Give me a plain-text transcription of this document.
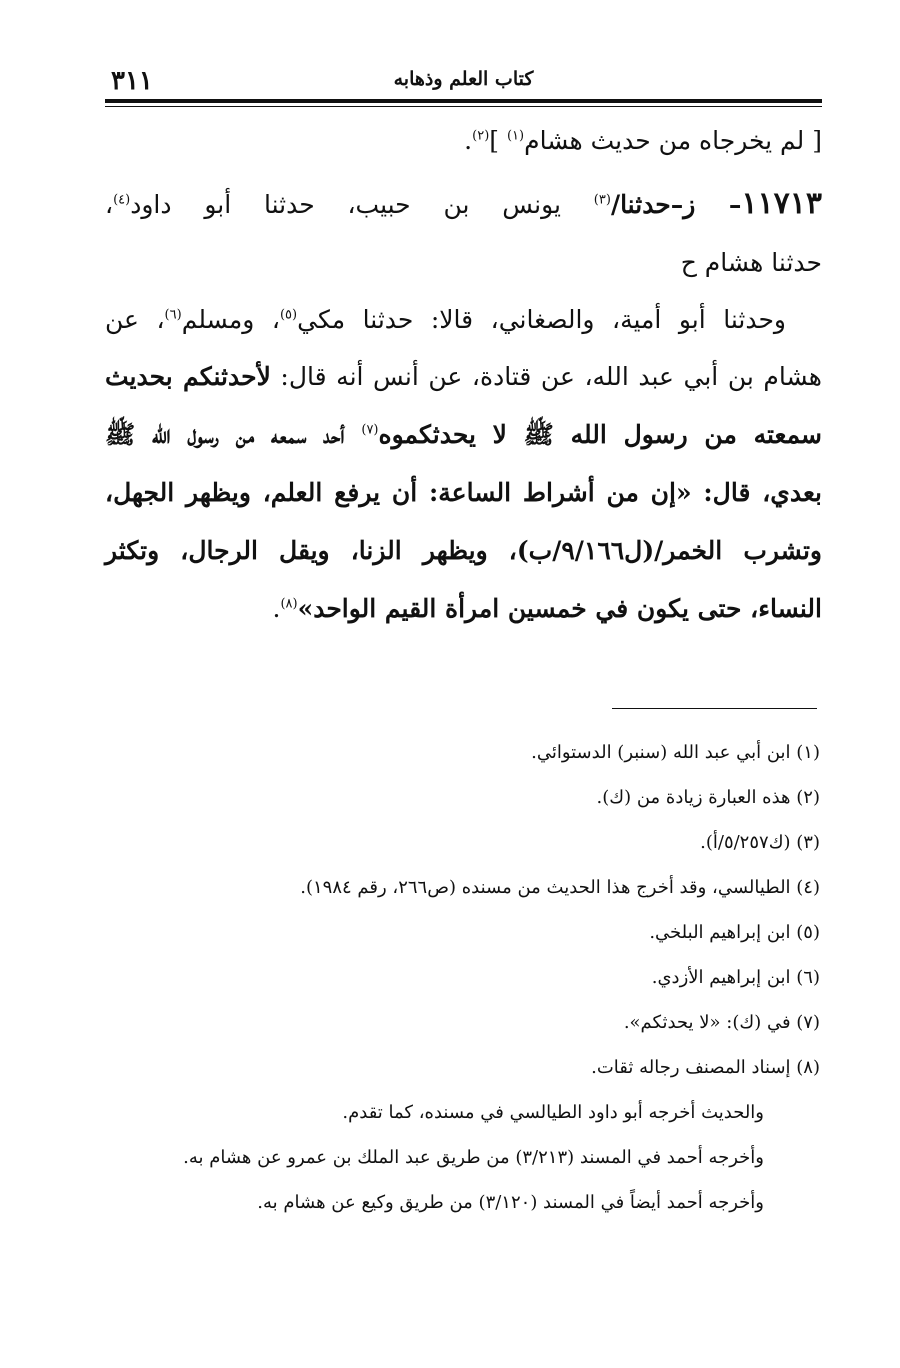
٣١١	كتاب العلم وذهابه
[ لم يخرجاه من حديث هشام$^{(١)}$ ]$^{(٢)}$.
١١٧١٣– ز–حدثنا/$^{(٣)}$ يونس بن حبيب، حدثنا أبو داود$^{(٤)}$،
حدثنا هشام ح
وحدثنا أبو أمية، والصغاني، قالا: حدثنا مكي$^{(٥)}$، ومسلم$^{(٦)}$، عن
هشام بن أبي عبد الله، عن قتادة، عن أنس أنه قال: لأحدثنكم بحديث
سمعته من رسول الله ﷺ لا يحدثكموه$^{(٧)}$ أحد سمعه من رسول الله ﷺ
بعدي، قال: «إن من أشراط الساعة: أن يرفع العلم، ويظهر الجهل،
وتشرب الخمر/(ل٩/١٦٦/ب)، ويظهر الزنا، ويقل الرجال، وتكثر
النساء، حتى يكون في خمسين امرأة القيم الواحد»$^{(٨)}$.
(١) ابن أبي عبد الله (سنبر) الدستوائي.
(٢) هذه العبارة زيادة من (ك).
(٣) (ك٥/٢٥٧/أ).
(٤) الطيالسي، وقد أخرج هذا الحديث من مسنده (ص٢٦٦، رقم ١٩٨٤).
(٥) ابن إبراهيم البلخي.
(٦) ابن إبراهيم الأزدي.
(٧) في (ك): «لا يحدثكم».
(٨) إسناد المصنف رجاله ثقات.
والحديث أخرجه أبو داود الطيالسي في مسنده، كما تقدم.
وأخرجه أحمد في المسند (٣/٢١٣) من طريق عبد الملك بن عمرو عن هشام به.
وأخرجه أحمد أيضاً في المسند (٣/١٢٠) من طريق وكيع عن هشام به.
